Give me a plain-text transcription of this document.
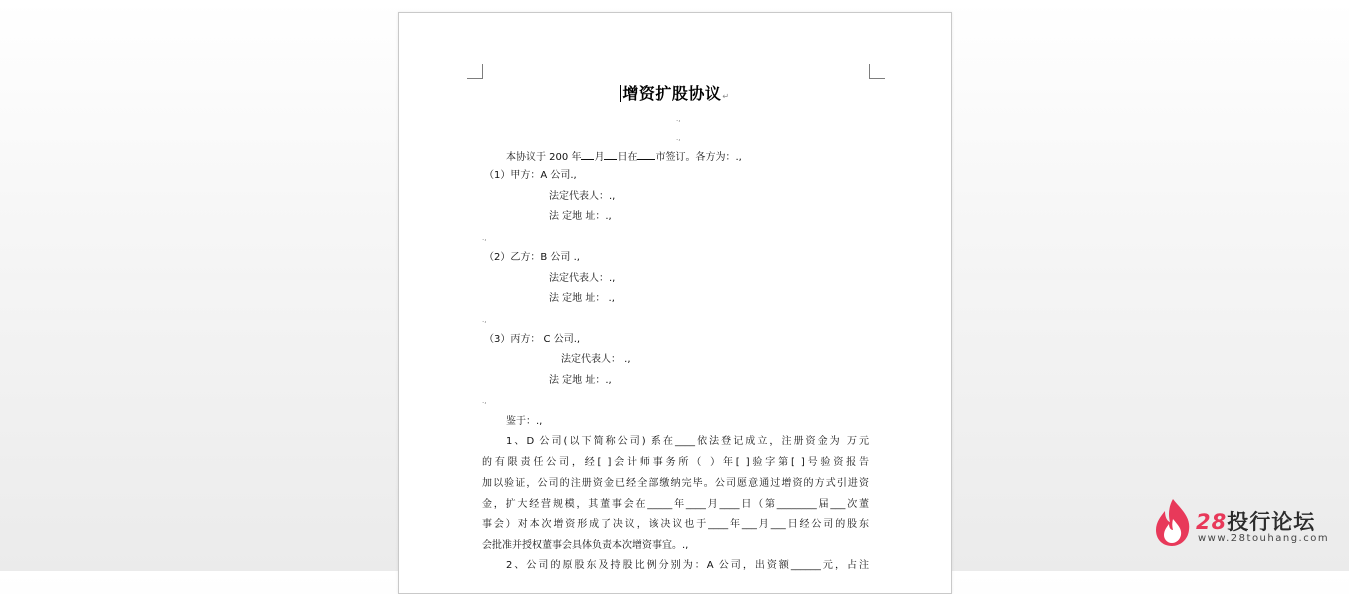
增资扩股协议↵
.,
.,
本协议于 200 年 月 日在 市签订。各方为：.,
（1）甲方：A 公司.,
法定代表人：.,
法 定地 址：.,
.,
（2）乙方：B 公司 .,
法定代表人：.,
法 定地 址： .,
.,
（3）丙方： C 公司.,
法定代表人： .,
法 定地 址：.,
.,
鉴于：.,
1、D 公司(以下简称公司) 系在____依法登记成立，注册资金为 万元
的有限责任公司，经[ ]会计师事务所（ ）年[ ]验字第[ ]号验资报告
加以验证，公司的注册资金已经全部缴纳完毕。公司愿意通过增资的方式引进资
金，扩大经营规模，其董事会在_____年____月____日（第________届___次董
事会）对本次增资形成了决议，该决议也于____年___月___日经公司的股东
会批准并授权董事会具体负责本次增资事宜。.,
2、公司的原股东及持股比例分别为：A 公司，出资额______元，占注
28投行论坛
www.28touhang.com
